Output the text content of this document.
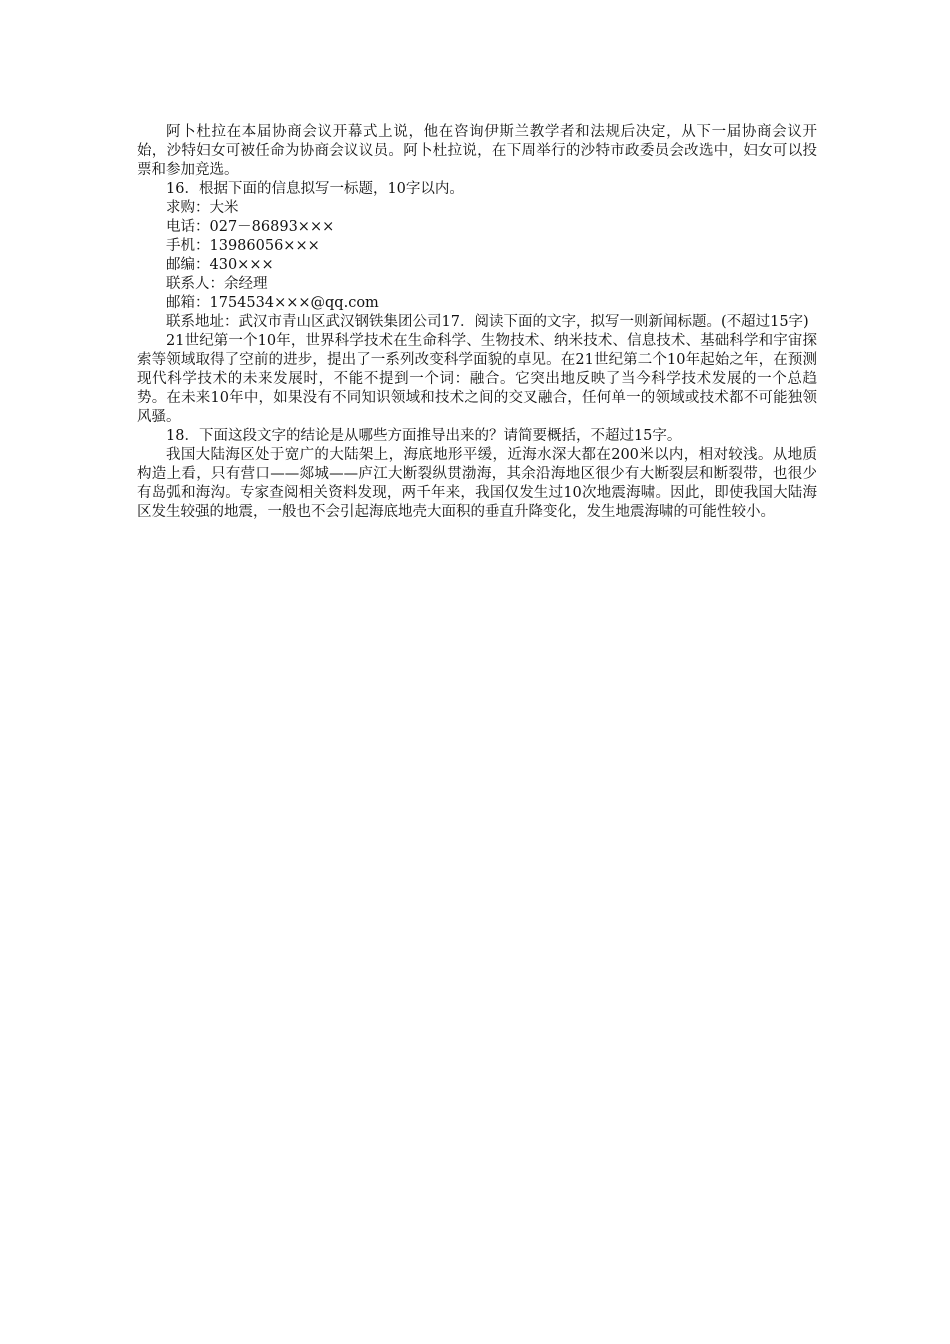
阿卜杜拉在本届协商会议开幕式上说，他在咨询伊斯兰教学者和法规后决定，从下一届协商会议开始，沙特妇女可被任命为协商会议议员。阿卜杜拉说，在下周举行的沙特市政委员会改选中，妇女可以投票和参加竞选。

16．根据下面的信息拟写一标题，10字以内。

求购：大米

电话：027－86893×××

手机：13986056×××

邮编：430×××

联系人：余经理

邮箱：1754534×××@qq.com

联系地址：武汉市青山区武汉钢铁集团公司17．阅读下面的文字，拟写一则新闻标题。(不超过15字)

21世纪第一个10年，世界科学技术在生命科学、生物技术、纳米技术、信息技术、基础科学和宇宙探索等领域取得了空前的进步，提出了一系列改变科学面貌的卓见。在21世纪第二个10年起始之年，在预测现代科学技术的未来发展时，不能不提到一个词：融合。它突出地反映了当今科学技术发展的一个总趋势。在未来10年中，如果没有不同知识领域和技术之间的交叉融合，任何单一的领域或技术都不可能独领风骚。

18．下面这段文字的结论是从哪些方面推导出来的？请简要概括，不超过15字。

我国大陆海区处于宽广的大陆架上，海底地形平缓，近海水深大都在200米以内，相对较浅。从地质构造上看，只有营口——郯城——庐江大断裂纵贯渤海，其余沿海地区很少有大断裂层和断裂带，也很少有岛弧和海沟。专家查阅相关资料发现，两千年来，我国仅发生过10次地震海啸。因此，即使我国大陆海区发生较强的地震，一般也不会引起海底地壳大面积的垂直升降变化，发生地震海啸的可能性较小。
